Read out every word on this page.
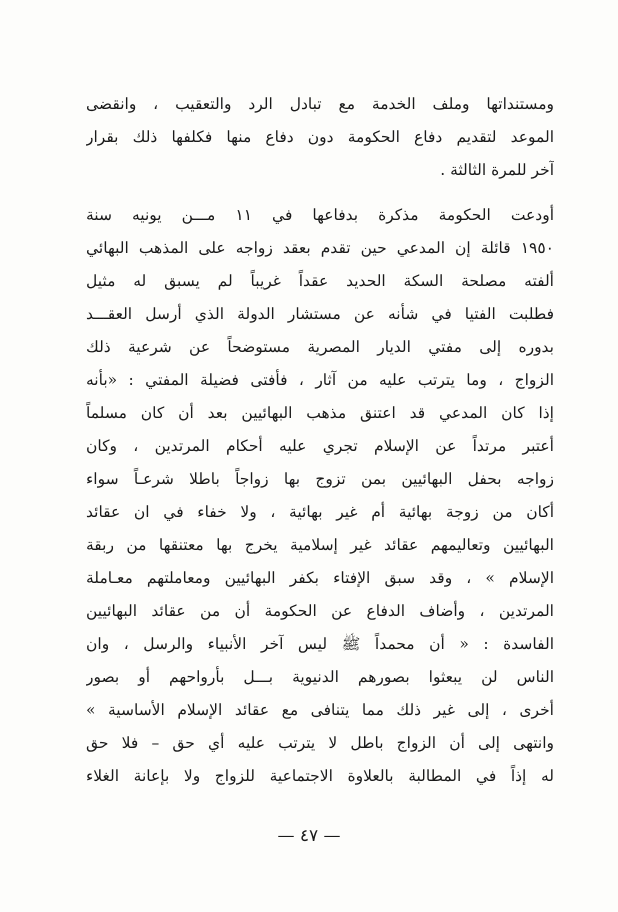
ومستنداتها وملف الخدمة مع تبادل الرد والتعقيب ، وانقضى
الموعد لتقديم دفاع الحكومة دون دفاع منها فكلفها ذلك بقرار
آخر للمرة الثالثة .
أودعت الحكومة مذكرة بدفاعها في ١١ مـــن يونيه سنة
١٩٥٠ قائلة إن المدعي حين تقدم بعقد زواجه على المذهب البهائي
ألفته مصلحة السكة الحديد عقداً غريباً لم يسبق له مثيل
فطلبت الفتيا في شأنه عن مستشار الدولة الذي أرسل العقـــد
بدوره إلى مفتي الديار المصرية مستوضحاً عن شرعية ذلك
الزواج ، وما يترتب عليه من آثار ، فأفتى فضيلة المفتي : «بأنه
إذا كان المدعي قد اعتنق مذهب البهائيين بعد أن كان مسلماً
أعتبر مرتداً عن الإسلام تجري عليه أحكام المرتدين ، وكان
زواجه بحفل البهائيين بمن تزوج بها زواجاً باطلا شرعـاً سواء
أكان من زوجة بهائية أم غير بهائية ، ولا خفاء في ان عقائد
البهائيين وتعاليمهم عقائد غير إسلامية يخرج بها معتنقها من ربقة
الإسلام » ، وقد سبق الإفتاء بكفر البهائيين ومعاملتهم معـاملة
المرتدين ، وأضاف الدفاع عن الحكومة أن من عقائد البهائيين
الفاسدة : « أن محمداً ﷺ ليس آخر الأنبياء والرسل ، وان
الناس لن يبعثوا بصورهم الدنيوية بـــل بأرواحهم أو بصور
أخرى ، إلى غير ذلك مما يتنافى مع عقائد الإسلام الأساسية »
وانتهى إلى أن الزواج باطل لا يترتب عليه أي حق – فلا حق
له إذاً في المطالبة بالعلاوة الاجتماعية للزواج ولا بإعانة الغلاء
— ٤٧ —
